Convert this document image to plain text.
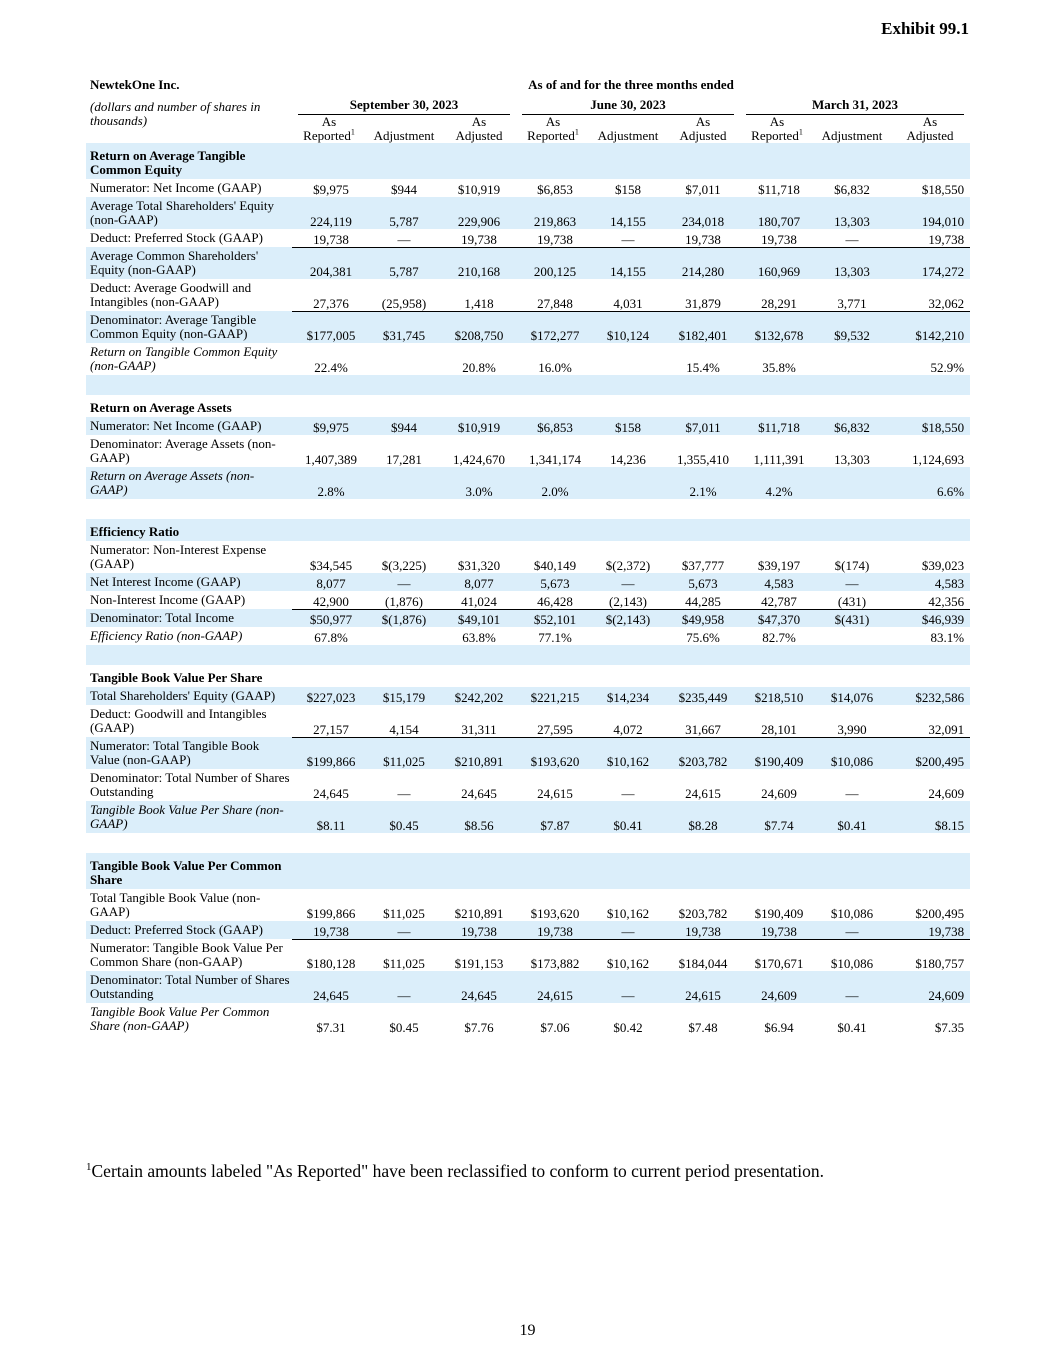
Exhibit 99.1
NewtekOne Inc.	As of and for the three months ended								
(dollars and number of shares in thousands)	September 30, 2023			June 30, 2023			March 31, 2023		

	As Reported$^1$	Adjustment	As Adjusted	As Reported$^1$	Adjustment	As Adjusted	As Reported$^1$	Adjustment	As Adjusted
Return on Average Tangible Common Equity									
Numerator: Net Income (GAAP)	$9,975	$944	$10,919	$6,853	$158	$7,011	$11,718	$6,832	$18,550
Average Total Shareholders' Equity (non-GAAP)	224,119	5,787	229,906	219,863	14,155	234,018	180,707	13,303	194,010
Deduct: Preferred Stock (GAAP)	19,738	—	19,738	19,738	—	19,738	19,738	—	19,738
Average Common Shareholders' Equity (non-GAAP)	204,381	5,787	210,168	200,125	14,155	214,280	160,969	13,303	174,272
Deduct: Average Goodwill and Intangibles (non-GAAP)	27,376	(25,958)	1,418	27,848	4,031	31,879	28,291	3,771	32,062
Denominator: Average Tangible Common Equity (non-GAAP)	$177,005	$31,745	$208,750	$172,277	$10,124	$182,401	$132,678	$9,532	$142,210
Return on Tangible Common Equity (non-GAAP)	22.4%		20.8%	16.0%		15.4%	35.8%		52.9%

Return on Average Assets									
Numerator: Net Income (GAAP)	$9,975	$944	$10,919	$6,853	$158	$7,011	$11,718	$6,832	$18,550
Denominator: Average Assets (non-GAAP)	1,407,389	17,281	1,424,670	1,341,174	14,236	1,355,410	1,111,391	13,303	1,124,693
Return on Average Assets (non-GAAP)	2.8%		3.0%	2.0%		2.1%	4.2%		6.6%

Efficiency Ratio									
Numerator: Non-Interest Expense (GAAP)	$34,545	$(3,225)	$31,320	$40,149	$(2,372)	$37,777	$39,197	$(174)	$39,023
Net Interest Income (GAAP)	8,077	—	8,077	5,673	—	5,673	4,583	—	4,583
Non-Interest Income (GAAP)	42,900	(1,876)	41,024	46,428	(2,143)	44,285	42,787	(431)	42,356
Denominator: Total Income	$50,977	$(1,876)	$49,101	$52,101	$(2,143)	$49,958	$47,370	$(431)	$46,939
Efficiency Ratio (non-GAAP)	67.8%		63.8%	77.1%		75.6%	82.7%		83.1%

Tangible Book Value Per Share									
Total Shareholders' Equity (GAAP)	$227,023	$15,179	$242,202	$221,215	$14,234	$235,449	$218,510	$14,076	$232,586
Deduct: Goodwill and Intangibles (GAAP)	27,157	4,154	31,311	27,595	4,072	31,667	28,101	3,990	32,091
Numerator: Total Tangible Book Value (non-GAAP)	$199,866	$11,025	$210,891	$193,620	$10,162	$203,782	$190,409	$10,086	$200,495
Denominator: Total Number of Shares Outstanding	24,645	—	24,645	24,615	—	24,615	24,609	—	24,609
Tangible Book Value Per Share (non-GAAP)	$8.11	$0.45	$8.56	$7.87	$0.41	$8.28	$7.74	$0.41	$8.15

Tangible Book Value Per Common Share									
Total Tangible Book Value (non-GAAP)	$199,866	$11,025	$210,891	$193,620	$10,162	$203,782	$190,409	$10,086	$200,495
Deduct: Preferred Stock (GAAP)	19,738	—	19,738	19,738	—	19,738	19,738	—	19,738
Numerator: Tangible Book Value Per Common Share (non-GAAP)	$180,128	$11,025	$191,153	$173,882	$10,162	$184,044	$170,671	$10,086	$180,757
Denominator: Total Number of Shares Outstanding	24,645	—	24,645	24,615	—	24,615	24,609	—	24,609
Tangible Book Value Per Common Share (non-GAAP)	$7.31	$0.45	$7.76	$7.06	$0.42	$7.48	$6.94	$0.41	$7.35
$^1$Certain amounts labeled "As Reported" have been reclassified to conform to current period presentation.
19
